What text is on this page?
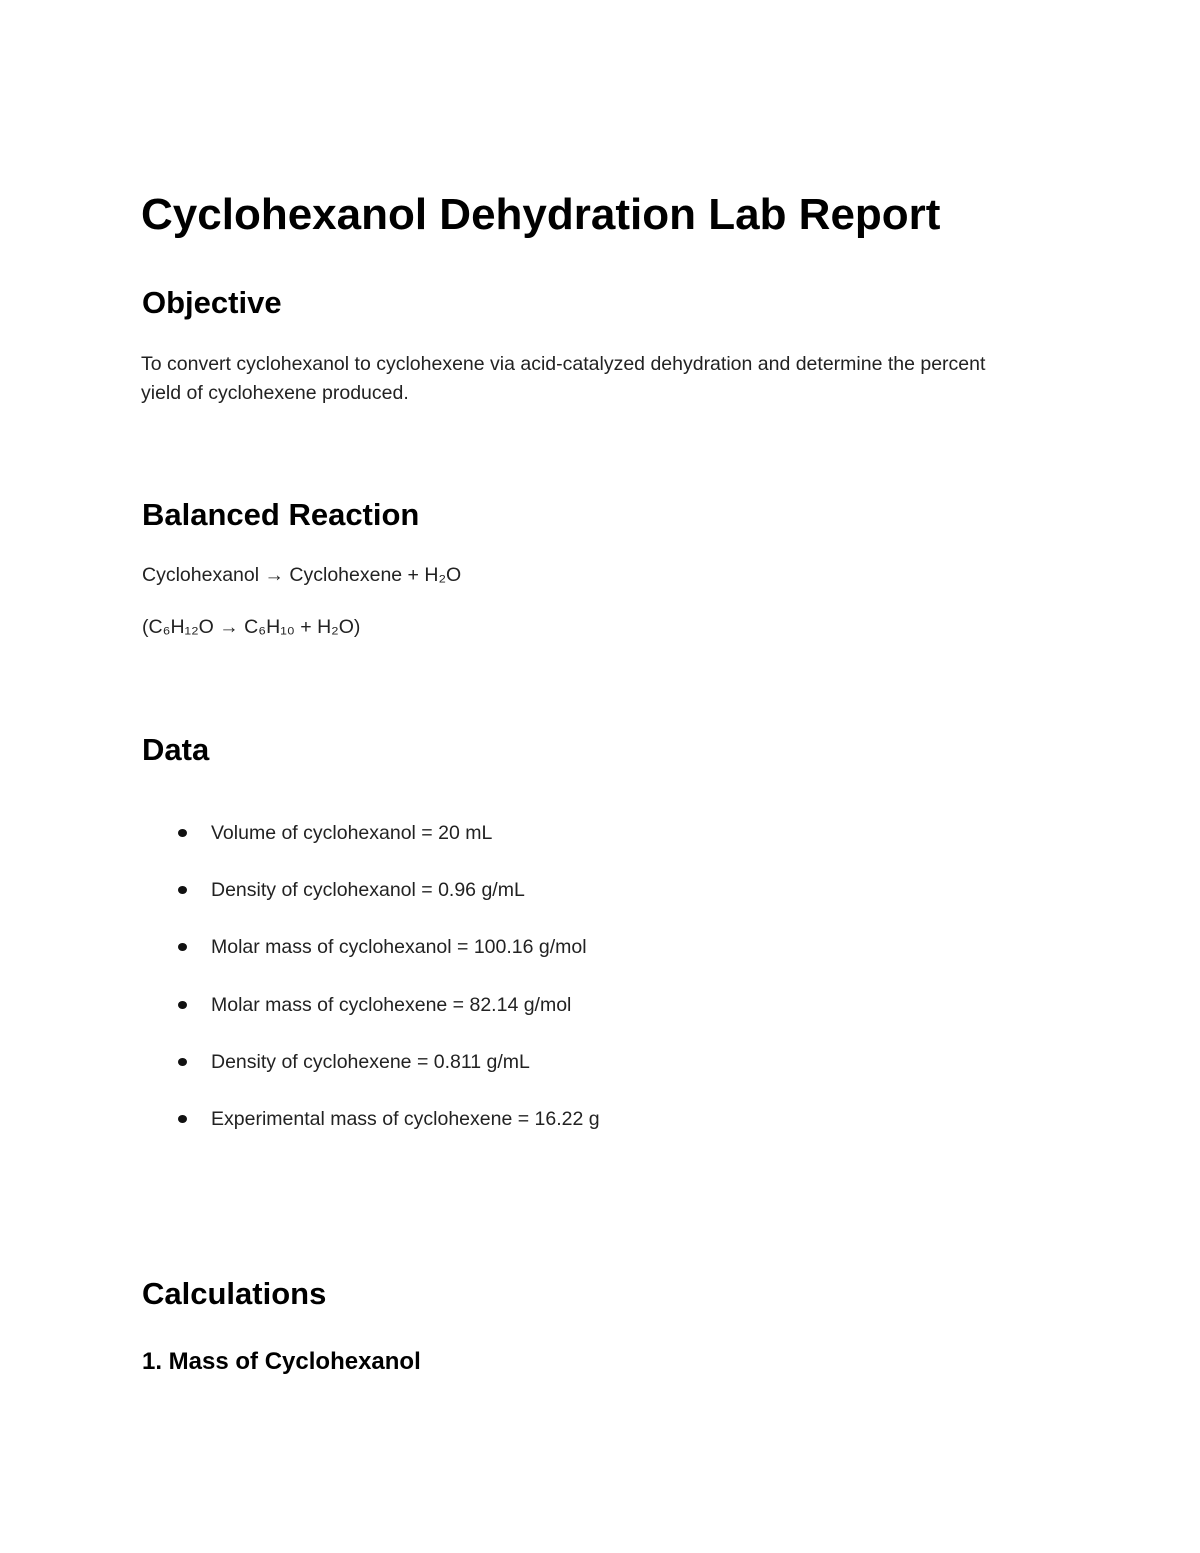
Cyclohexanol Dehydration Lab Report
Objective

To convert cyclohexanol to cyclohexene via acid-catalyzed dehydration and determine the percent yield of cyclohexene produced.

Balanced Reaction

Cyclohexanol → Cyclohexene + H₂O

(C₆H₁₂O → C₆H₁₀ + H₂O)

Data
Volume of cyclohexanol = 20 mL
Density of cyclohexanol = 0.96 g/mL
Molar mass of cyclohexanol = 100.16 g/mol
Molar mass of cyclohexene = 82.14 g/mol
Density of cyclohexene = 0.811 g/mL
Experimental mass of cyclohexene = 16.22 g
Calculations
1. Mass of Cyclohexanol
